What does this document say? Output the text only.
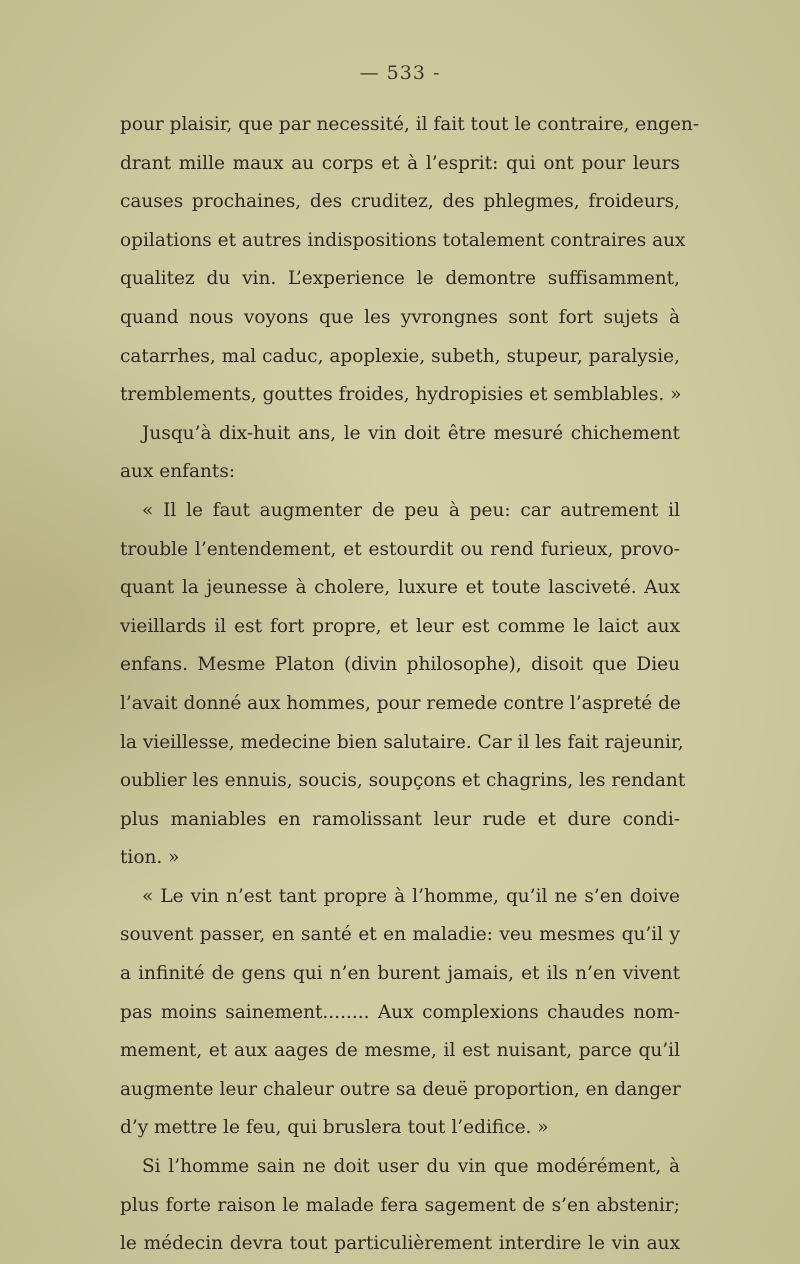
— 533 -
pour plaisir, que par necessité, il fait tout le contraire, engen-
drant mille maux au corps et à l’esprit: qui ont pour leurs
causes prochaines, des cruditez, des phlegmes, froideurs,
opilations et autres indispositions totalement contraires aux
qualitez du vin. L’experience le demontre suffisamment,
quand nous voyons que les yvrongnes sont fort sujets à
catarrhes, mal caduc, apoplexie, subeth, stupeur, paralysie,
tremblements, gouttes froides, hydropisies et semblables. »
Jusqu’à dix-huit ans, le vin doit être mesuré chichement
aux enfants:
« Il le faut augmenter de peu à peu: car autrement il
trouble l’entendement, et estourdit ou rend furieux, provo-
quant la jeunesse à cholere, luxure et toute lasciveté. Aux
vieillards il est fort propre, et leur est comme le laict aux
enfans. Mesme Platon (divin philosophe), disoit que Dieu
l’avait donné aux hommes, pour remede contre l’aspreté de
la vieillesse, medecine bien salutaire. Car il les fait rajeunir,
oublier les ennuis, soucis, soupçons et chagrins, les rendant
plus maniables en ramolissant leur rude et dure condi-
tion. »
« Le vin n’est tant propre à l’homme, qu’il ne s’en doive
souvent passer, en santé et en maladie: veu mesmes qu’il y
a infinité de gens qui n’en burent jamais, et ils n’en vivent
pas moins sainement........ Aux complexions chaudes nom-
mement, et aux aages de mesme, il est nuisant, parce qu’il
augmente leur chaleur outre sa deuë proportion, en danger
d’y mettre le feu, qui bruslera tout l’edifice. »
Si l’homme sain ne doit user du vin que modérément, à
plus forte raison le malade fera sagement de s’en abstenir;
le médecin devra tout particulièrement interdire le vin aux
